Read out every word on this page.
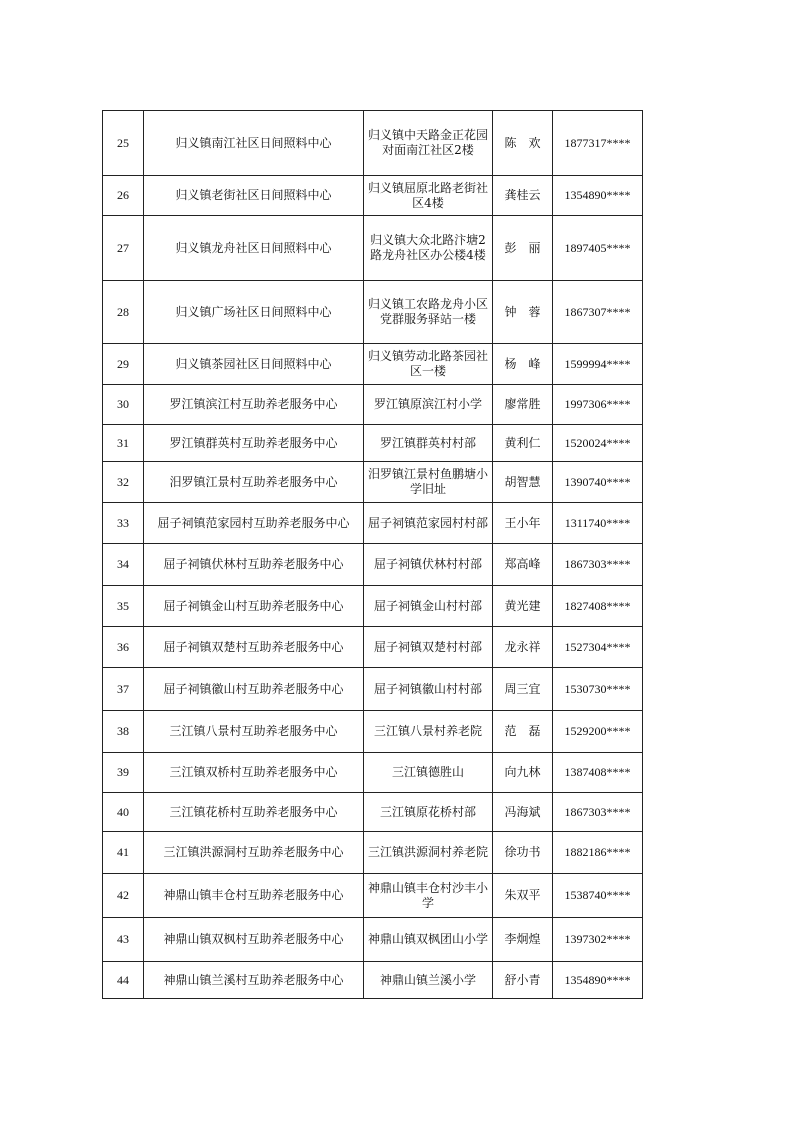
25	归义镇南江社区日间照料中心	归义镇中天路金正花园对面南江社区2楼	陈　欢	1877317****
26	归义镇老街社区日间照料中心	归义镇屈原北路老街社区4楼	龚桂云	1354890****
27	归义镇龙舟社区日间照料中心	归义镇大众北路汴塘2路龙舟社区办公楼4楼	彭　丽	1897405****
28	归义镇广场社区日间照料中心	归义镇工农路龙舟小区党群服务驿站一楼	钟　蓉	1867307****
29	归义镇茶园社区日间照料中心	归义镇劳动北路茶园社区一楼	杨　峰	1599994****
30	罗江镇滨江村互助养老服务中心	罗江镇原滨江村小学	廖常胜	1997306****
31	罗江镇群英村互助养老服务中心	罗江镇群英村村部	黄利仁	1520024****
32	汨罗镇江景村互助养老服务中心	汨罗镇江景村鱼鹏塘小学旧址	胡智慧	1390740****
33	屈子祠镇范家园村互助养老服务中心	屈子祠镇范家园村村部	王小年	1311740****
34	屈子祠镇伏林村互助养老服务中心	屈子祠镇伏林村村部	郑高峰	1867303****
35	屈子祠镇金山村互助养老服务中心	屈子祠镇金山村村部	黄光建	1827408****
36	屈子祠镇双楚村互助养老服务中心	屈子祠镇双楚村村部	龙永祥	1527304****
37	屈子祠镇徽山村互助养老服务中心	屈子祠镇徽山村村部	周三宜	1530730****
38	三江镇八景村互助养老服务中心	三江镇八景村养老院	范　磊	1529200****
39	三江镇双桥村互助养老服务中心	三江镇德胜山	向九林	1387408****
40	三江镇花桥村互助养老服务中心	三江镇原花桥村部	冯海斌	1867303****
41	三江镇洪源洞村互助养老服务中心	三江镇洪源洞村养老院	徐功书	1882186****
42	神鼎山镇丰仓村互助养老服务中心	神鼎山镇丰仓村沙丰小学	朱双平	1538740****
43	神鼎山镇双枫村互助养老服务中心	神鼎山镇双枫团山小学	李炯煌	1397302****
44	神鼎山镇兰溪村互助养老服务中心	神鼎山镇兰溪小学	舒小青	1354890****
